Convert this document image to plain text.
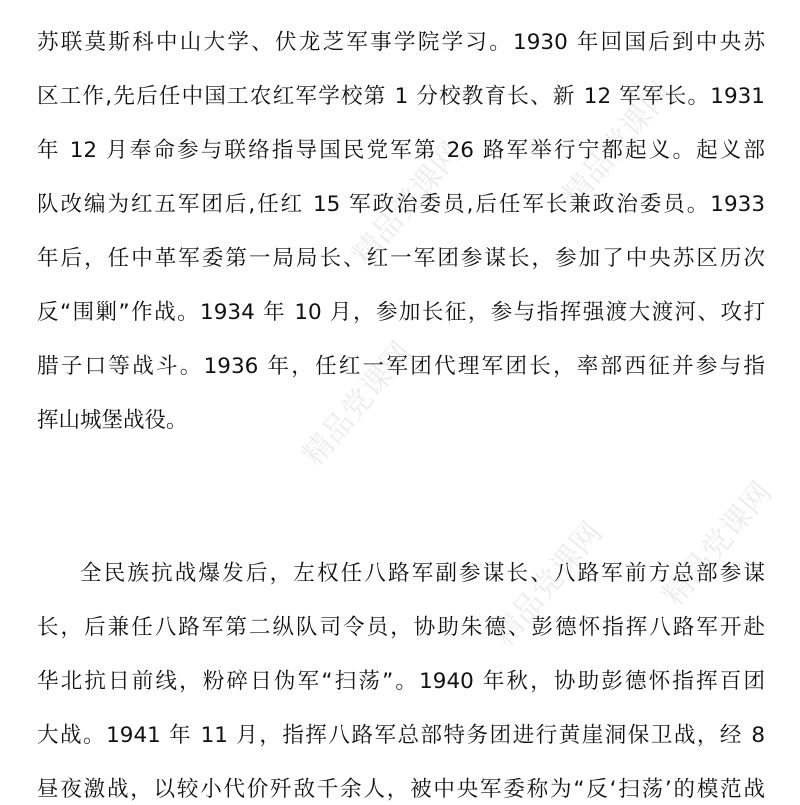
精品党课网	精品党课网
精品党课网
精品党课网 精品党课网
苏联莫斯科中山大学、伏龙芝军事学院学习。1930 年回国后到中央苏
区工作,先后任中国工农红军学校第 1 分校教育长、新 12 军军长。1931
年 12 月奉命参与联络指导国民党军第 26 路军举行宁都起义。起义部
队改编为红五军团后,任红 15 军政治委员,后任军长兼政治委员。1933
年后，任中革军委第一局局长、红一军团参谋长，参加了中央苏区历次
反“围剿”作战。1934 年 10 月，参加长征，参与指挥强渡大渡河、攻打
腊子口等战斗。1936 年，任红一军团代理军团长，率部西征并参与指
挥山城堡战役。
全民族抗战爆发后，左权任八路军副参谋长、八路军前方总部参谋
长，后兼任八路军第二纵队司令员，协助朱德、彭德怀指挥八路军开赴
华北抗日前线，粉碎日伪军“扫荡”。1940 年秋，协助彭德怀指挥百团
大战。1941 年 11 月，指挥八路军总部特务团进行黄崖洞保卫战，经 8
昼夜激战，以较小代价歼敌千余人，被中央军委称为“反‘扫荡’的模范战
